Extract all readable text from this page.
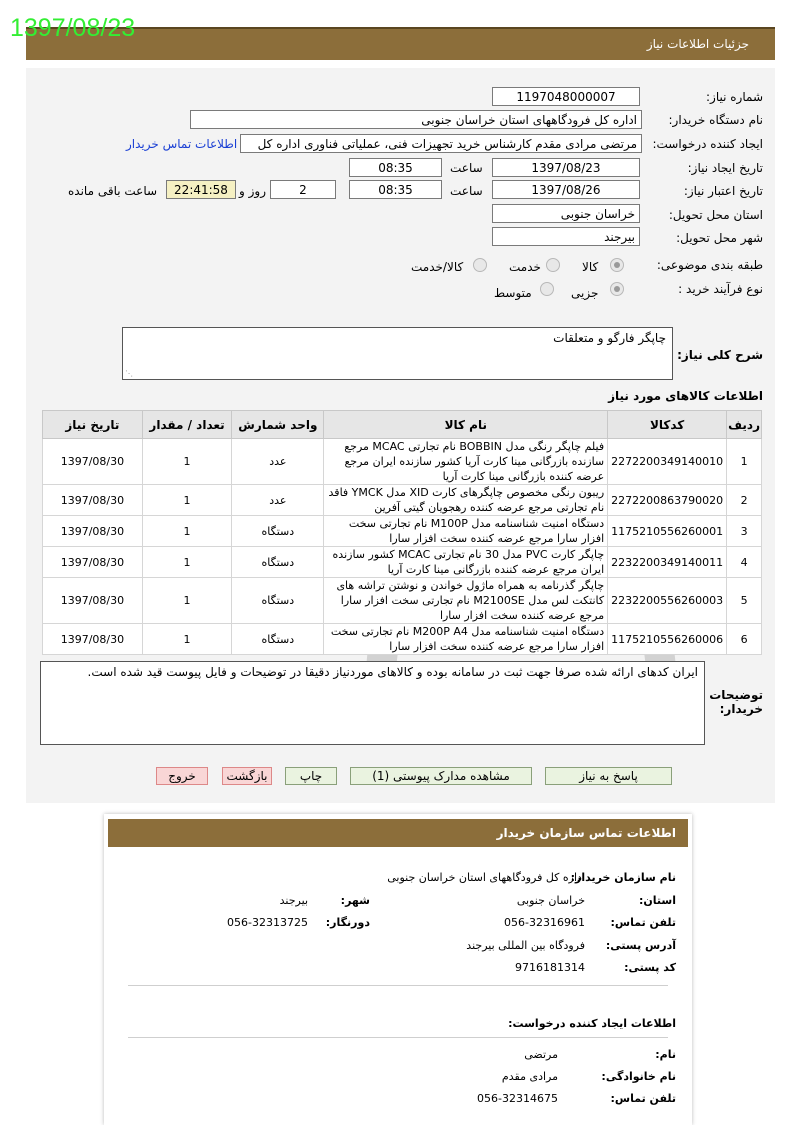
1397/08/23
جزئیات اطلاعات نیاز
شماره نیاز:
1197048000007
نام دستگاه خریدار:
اداره کل فرودگاههای استان خراسان جنوبی
ایجاد کننده درخواست:
مرتضی مرادی مقدم کارشناس خرید تجهیزات فنی، عملیاتی فناوری اداره کل
اطلاعات تماس خریدار
تاریخ ایجاد نیاز:
1397/08/23
ساعت
08:35
تاریخ اعتبار نیاز:
1397/08/26
ساعت
08:35
2
روز و
22:41:58
ساعت باقی مانده
استان محل تحویل:
خراسان جنوبی
شهر محل تحویل:
بیرجند
طبقه بندی موضوعی:
کالا
خدمت
کالا/خدمت
نوع فرآیند خرید :
جزیی
متوسط
شرح کلی نیاز:
چاپگر فارگو و متعلقات
⋰
اطلاعات کالاهای مورد نیاز
ردیف	کدکالا	نام کالا	واحد شمارش	تعداد / مقدار	تاریخ نیاز
1	2272200349140010	فیلم چاپگر رنگی مدل BOBBIN نام تجارتی MCAC مرجع سازنده بازرگانی مینا کارت آریا کشور سازنده ایران مرجع عرضه کننده بازرگانی مینا کارت آریا	عدد	1	1397/08/30
2	2272200863790020	ریبون رنگی مخصوص چاپگرهای کارت XID مدل YMCK فاقد نام تجارتی مرجع عرضه کننده رهجویان گیتی آفرین	عدد	1	1397/08/30
3	1175210556260001	دستگاه امنیت شناسنامه مدل M100P نام تجارتی سخت افزار سارا مرجع عرضه کننده سخت افزار سارا	دستگاه	1	1397/08/30
4	2232200349140011	چاپگر کارت PVC مدل 30 نام تجارتی MCAC کشور سازنده ایران مرجع عرضه کننده بازرگانی مینا کارت آریا	دستگاه	1	1397/08/30
5	2232200556260003	چاپگر گذرنامه به همراه ماژول خواندن و نوشتن تراشه های کانتکت لس مدل M2100SE نام تجارتی سخت افزار سارا مرجع عرضه کننده سخت افزار سارا	دستگاه	1	1397/08/30
6	1175210556260006	دستگاه امنیت شناسنامه مدل M200P A4 نام تجارتی سخت افزار سارا مرجع عرضه کننده سخت افزار سارا	دستگاه	1	1397/08/30
ایران کدهای ارائه شده صرفا جهت ثبت در سامانه بوده و کالاهای موردنیاز دقیقا در توضیحات و فایل پیوست قید شده است.
توضیحات خریدار:
پاسخ به نیاز
مشاهده مدارک پیوستی (1)
چاپ
بازگشت
خروج
اطلاعات تماس سازمان خریدار
نام سازمان خریدار:
اداره کل فرودگاههای استان خراسان جنوبی
استان:
خراسان جنوبی
شهر:
بیرجند
تلفن تماس:
056-32316961
دورنگار:
056-32313725
آدرس پستی:
فرودگاه بین المللی بیرجند
کد پستی:
9716181314
اطلاعات ایجاد کننده درخواست:
نام:
مرتضی
نام خانوادگی:
مرادی مقدم
تلفن تماس:
056-32314675
